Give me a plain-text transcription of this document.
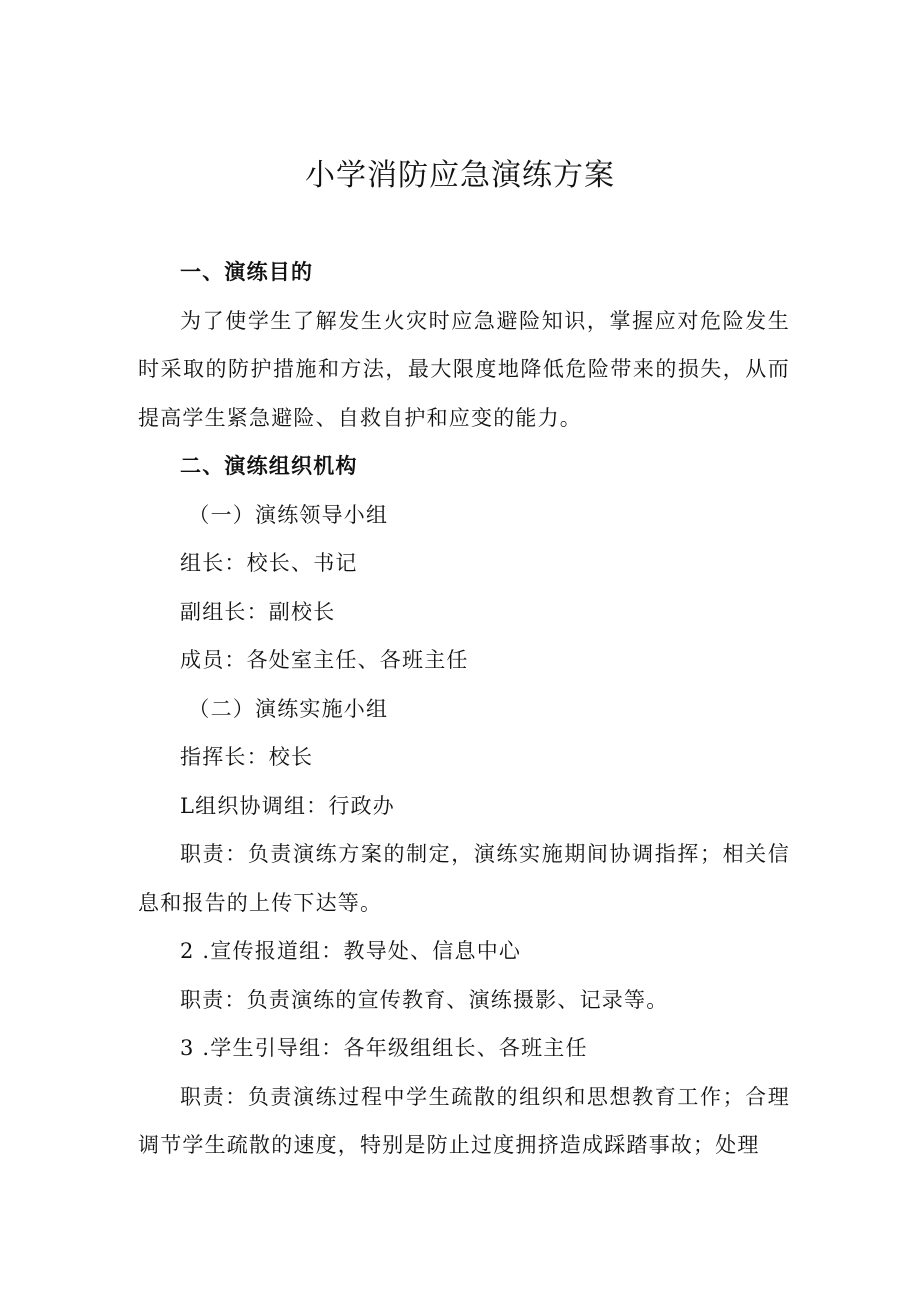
小学消防应急演练方案

一、演练目的

为了使学生了解发生火灾时应急避险知识，掌握应对危险发生时采取的防护措施和方法，最大限度地降低危险带来的损失，从而提高学生紧急避险、自救自护和应变的能力。

二、演练组织机构

（一）演练领导小组

组长：校长、书记

副组长：副校长

成员：各处室主任、各班主任

（二）演练实施小组

指挥长：校长

L组织协调组：行政办

职责：负责演练方案的制定，演练实施期间协调指挥；相关信息和报告的上传下达等。

2 .宣传报道组：教导处、信息中心

职责：负责演练的宣传教育、演练摄影、记录等。

3 .学生引导组：各年级组组长、各班主任

职责：负责演练过程中学生疏散的组织和思想教育工作；合理调节学生疏散的速度，特别是防止过度拥挤造成踩踏事故；处理
